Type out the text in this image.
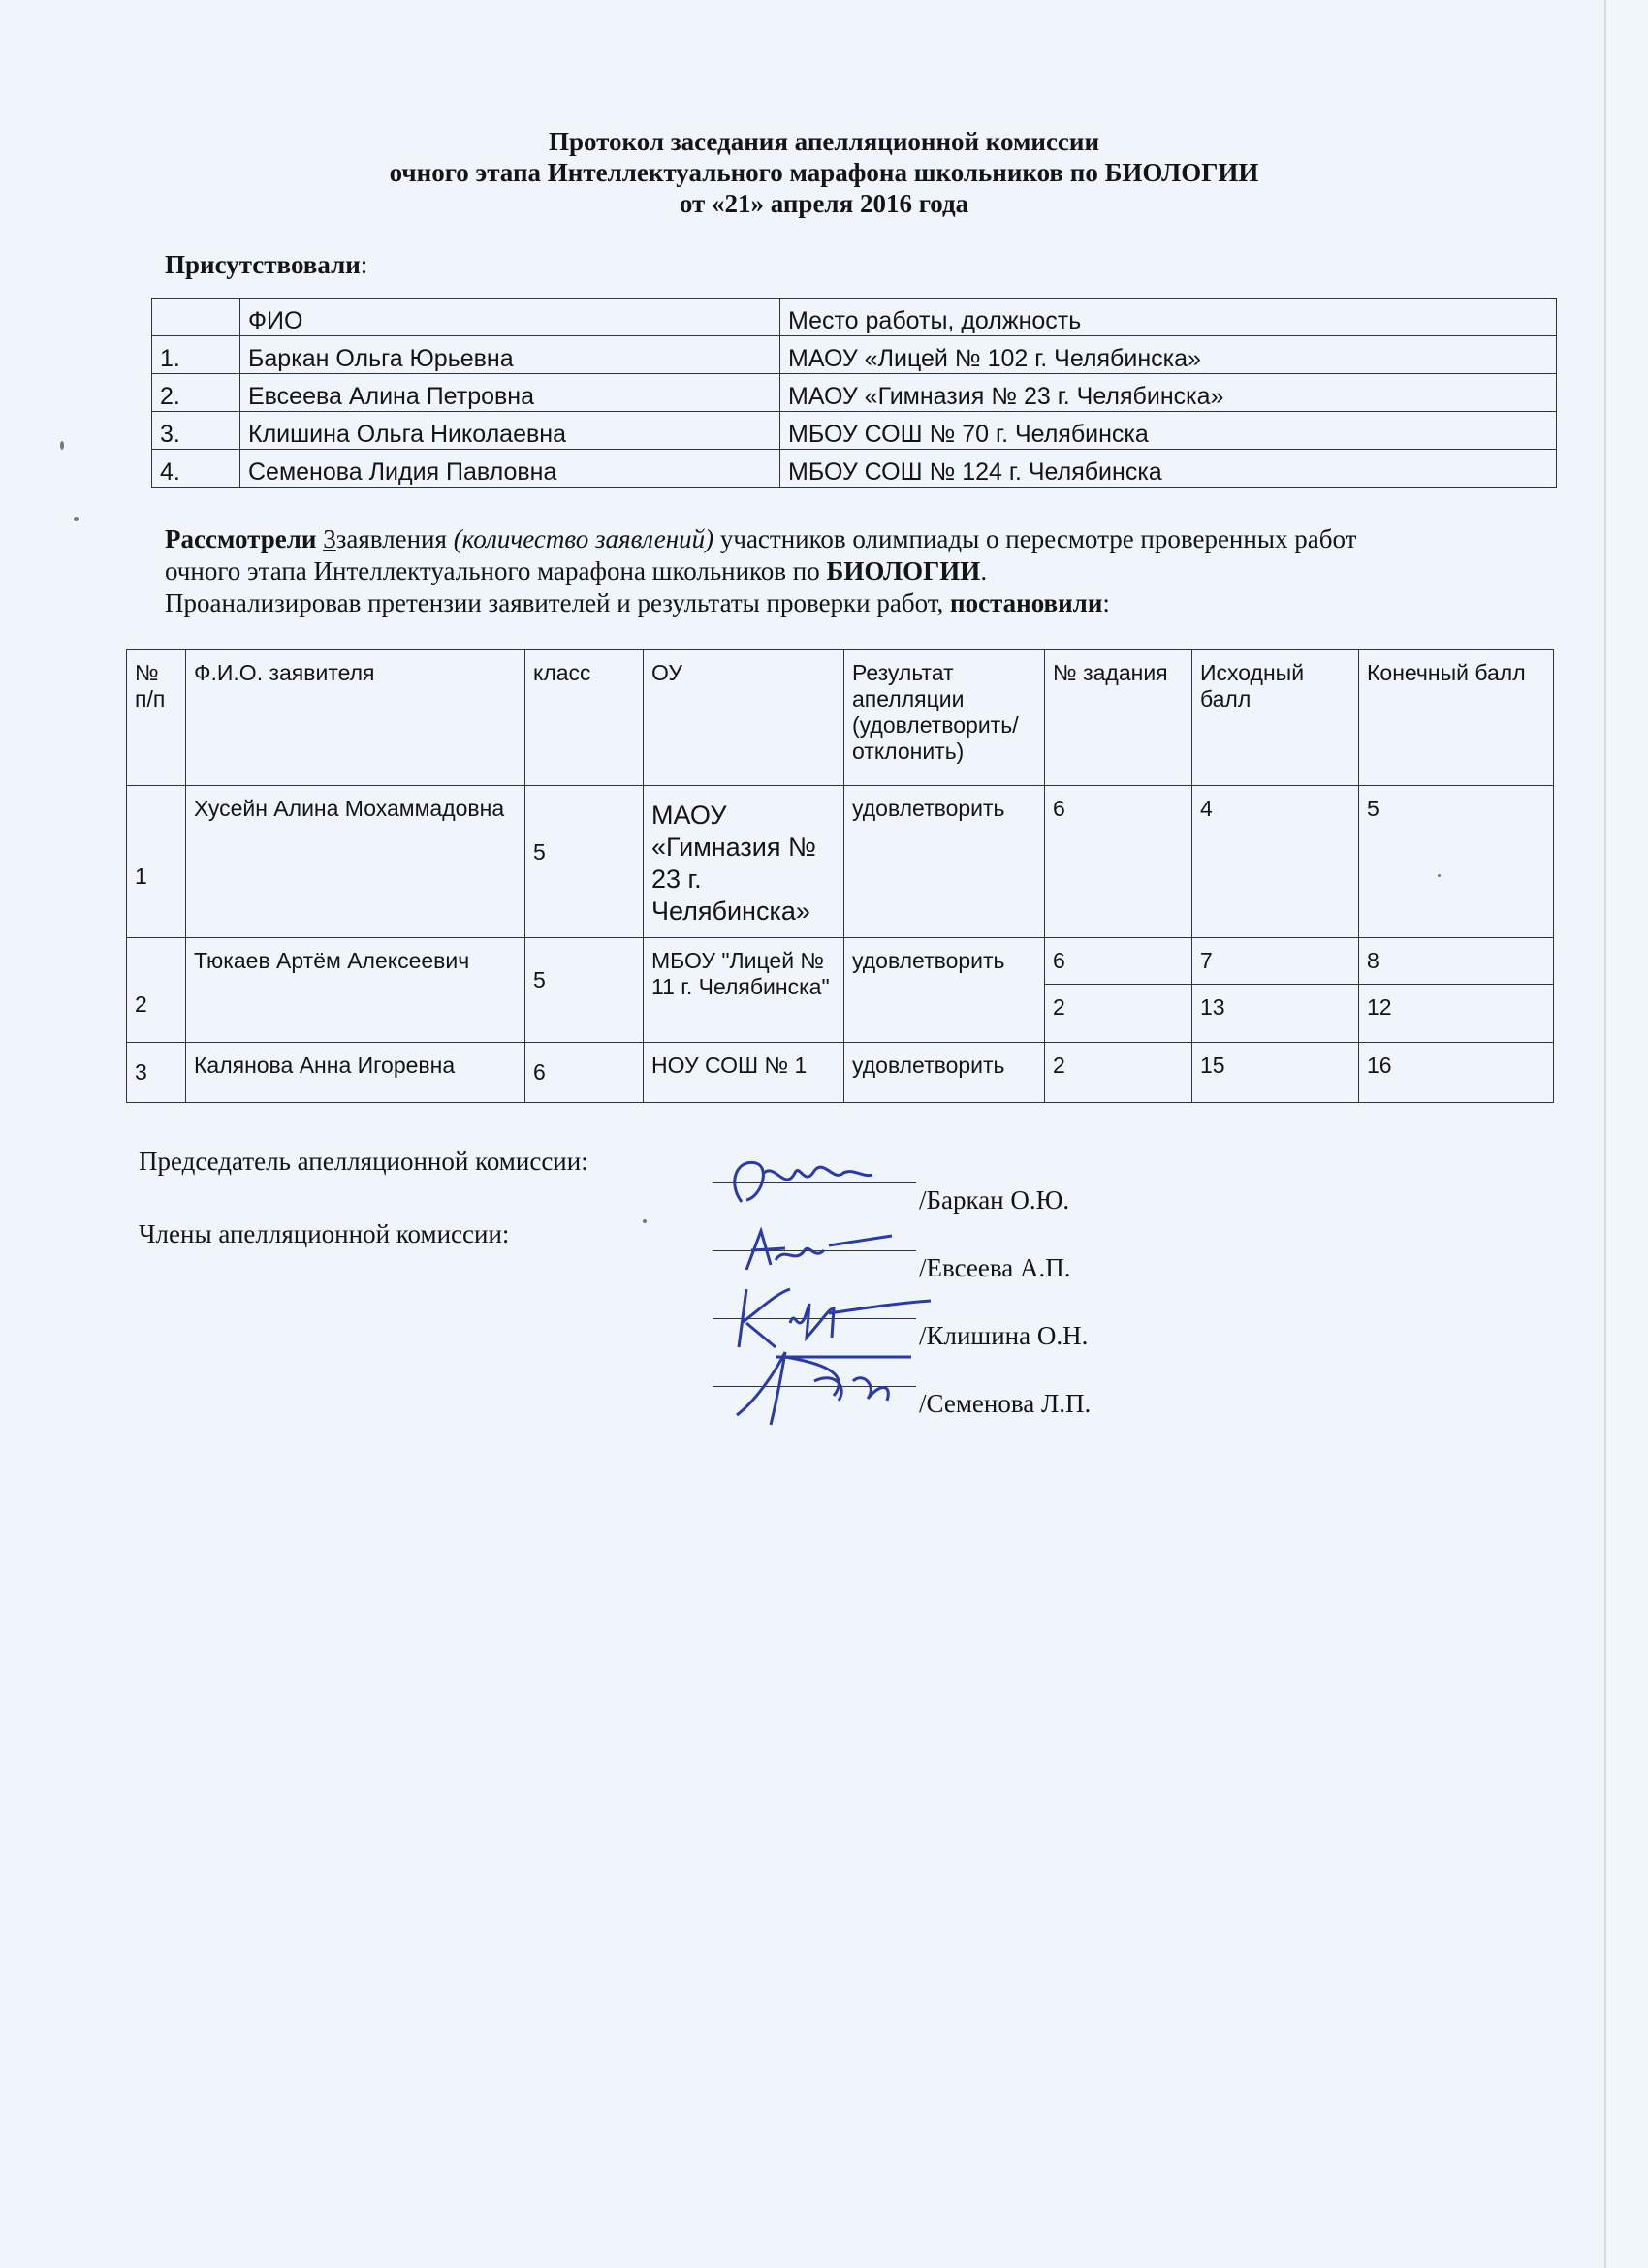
Протокол заседания апелляционной комиссии
очного этапа Интеллектуального марафона школьников по БИОЛОГИИ
от «21» апреля 2016 года
Присутствовали:
	ФИО	Место работы, должность
1.	Баркан Ольга Юрьевна	МАОУ «Лицей № 102 г. Челябинска»
2.	Евсеева Алина Петровна	МАОУ «Гимназия № 23 г. Челябинска»
3.	Клишина Ольга Николаевна	МБОУ СОШ № 70 г. Челябинска
4.	Семенова Лидия Павловна	МБОУ СОШ № 124 г. Челябинска
Рассмотрели 3заявления (количество заявлений) участников олимпиады о пересмотре проверенных работ
очного этапа Интеллектуального марафона школьников по БИОЛОГИИ.
Проанализировав претензии заявителей и результаты проверки работ, постановили:
№ п/п	Ф.И.О. заявителя	класс	ОУ	Результат апелляции (удовлетворить/ отклонить)	№ задания	Исходный балл	Конечный балл
1	Хусейн Алина Мохаммадовна	5	МАОУ «Гимназия № 23 г. Челябинска»	удовлетворить	6	4	5
2	Тюкаев Артём Алексеевич	5	МБОУ "Лицей № 11 г. Челябинска"	удовлетворить	6	7	8
					2	13	12
3	Калянова Анна Игоревна	6	НОУ СОШ № 1	удовлетворить	2	15	16
Председатель апелляционной комиссии:
Члены апелляционной комиссии:
/Баркан О.Ю.
/Евсеева А.П.
/Клишина О.Н.
/Семенова Л.П.
